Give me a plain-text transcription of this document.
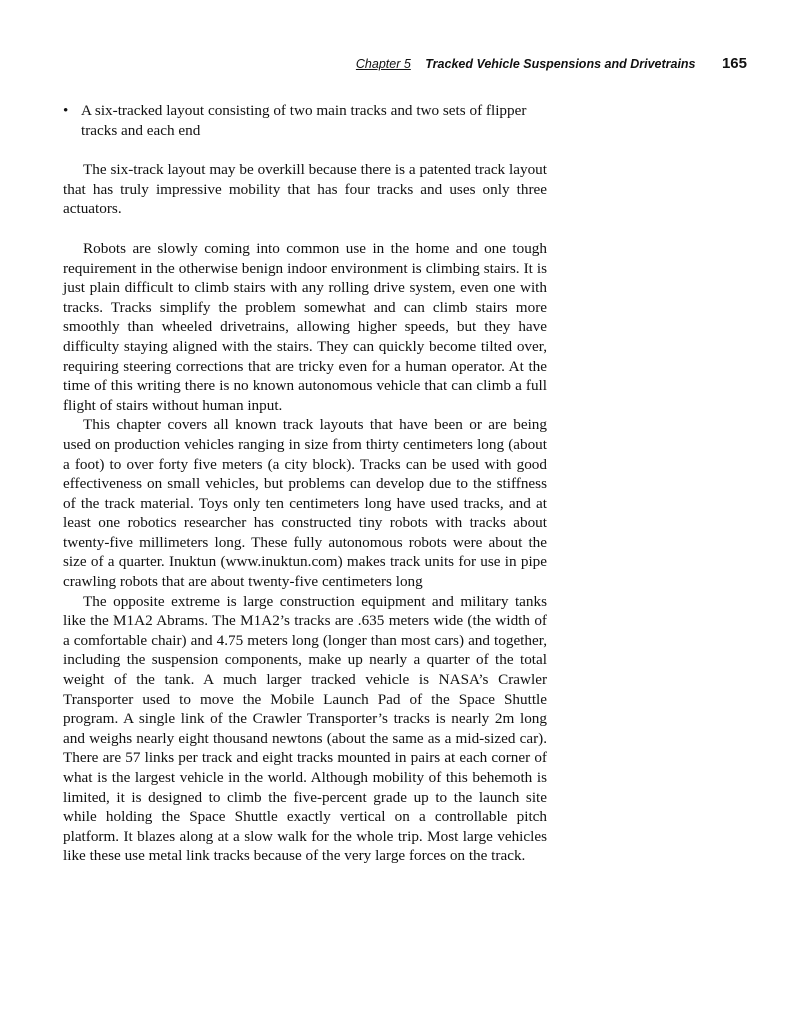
Chapter 5 Tracked Vehicle Suspensions and Drivetrains 165
• A six-tracked layout consisting of two main tracks and two sets of flipper tracks and each end

The six-track layout may be overkill because there is a patented track layout that has truly impressive mobility that has four tracks and uses only three actuators.

Robots are slowly coming into common use in the home and one tough requirement in the otherwise benign indoor environment is climbing stairs. It is just plain difficult to climb stairs with any rolling drive system, even one with tracks. Tracks simplify the problem somewhat and can climb stairs more smoothly than wheeled drivetrains, allowing higher speeds, but they have difficulty staying aligned with the stairs. They can quickly become tilted over, requiring steering corrections that are tricky even for a human operator. At the time of this writing there is no known autonomous vehicle that can climb a full flight of stairs without human input.

This chapter covers all known track layouts that have been or are being used on production vehicles ranging in size from thirty centimeters long (about a foot) to over forty five meters (a city block). Tracks can be used with good effectiveness on small vehicles, but problems can develop due to the stiffness of the track material. Toys only ten centimeters long have used tracks, and at least one robotics researcher has constructed tiny robots with tracks about twenty-five millimeters long. These fully autonomous robots were about the size of a quarter. Inuktun (www.inuktun.com) makes track units for use in pipe crawling robots that are about twenty-five centimeters long

The opposite extreme is large construction equipment and military tanks like the M1A2 Abrams. The M1A2’s tracks are .635 meters wide (the width of a comfortable chair) and 4.75 meters long (longer than most cars) and together, including the suspension components, make up nearly a quarter of the total weight of the tank. A much larger tracked vehicle is NASA’s Crawler Transporter used to move the Mobile Launch Pad of the Space Shuttle program. A single link of the Crawler Transporter’s tracks is nearly 2m long and weighs nearly eight thousand newtons (about the same as a mid-sized car). There are 57 links per track and eight tracks mounted in pairs at each corner of what is the largest vehicle in the world. Although mobility of this behemoth is limited, it is designed to climb the five-percent grade up to the launch site while holding the Space Shuttle exactly vertical on a controllable pitch platform. It blazes along at a slow walk for the whole trip. Most large vehicles like these use metal link tracks because of the very large forces on the track.
